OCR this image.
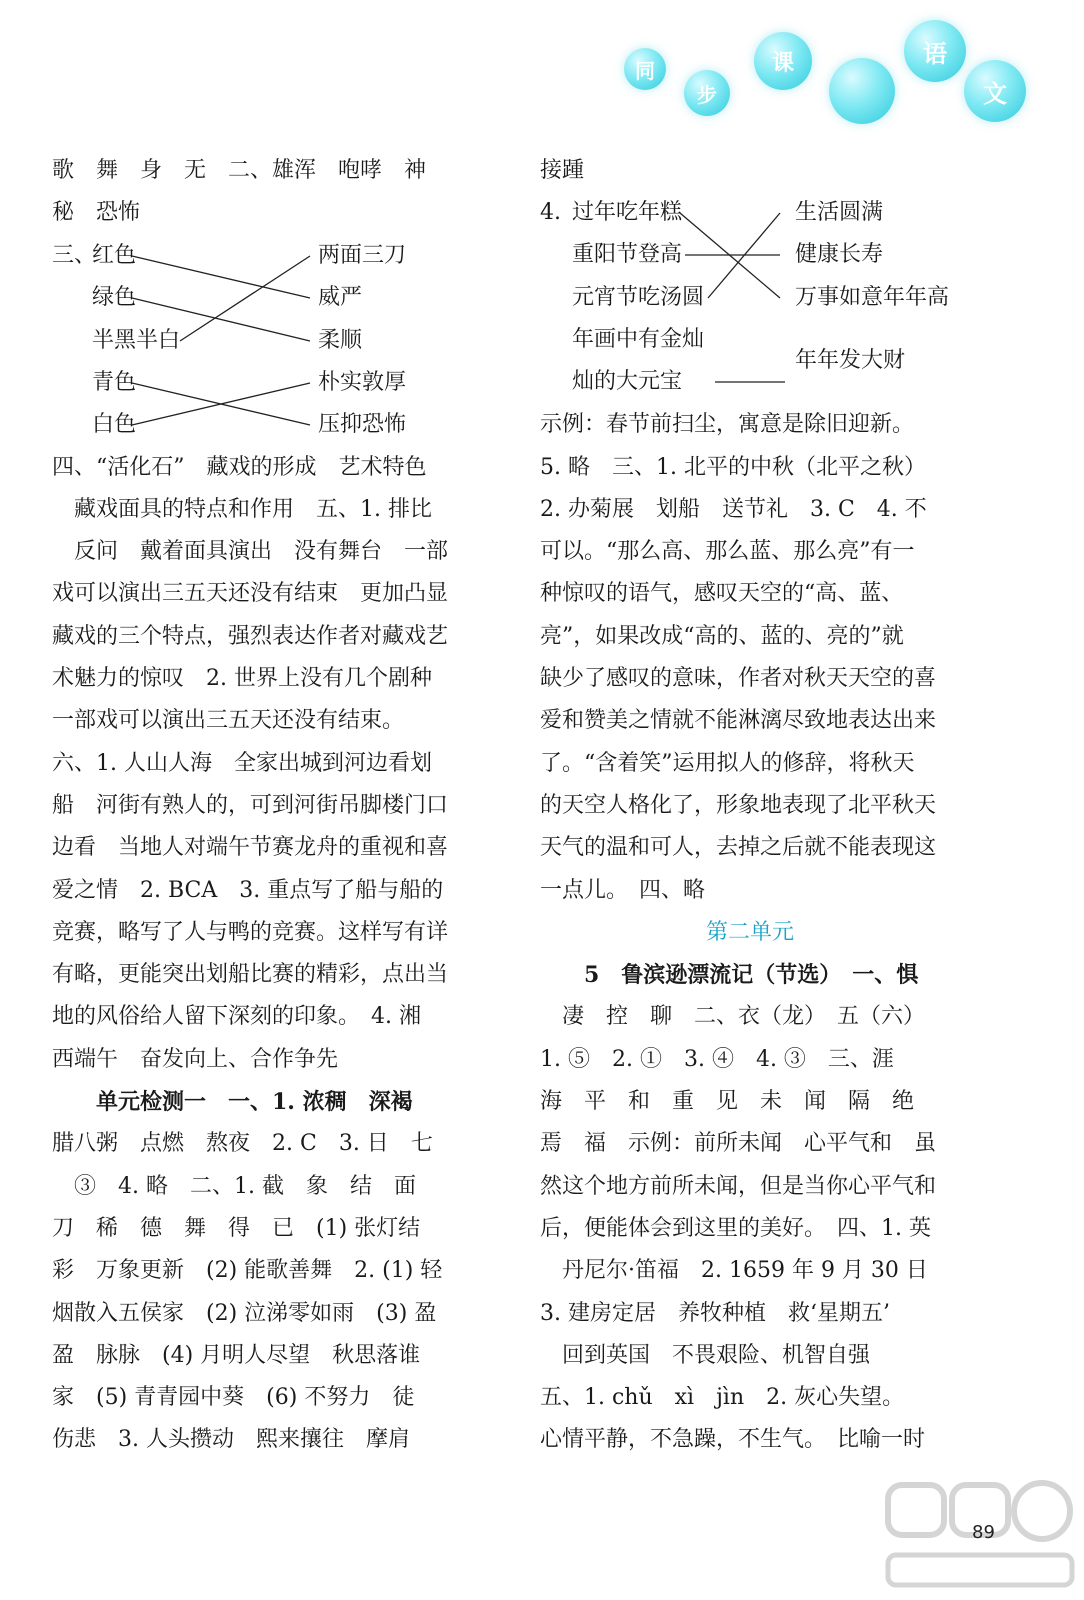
同
步
课	语
文
歌　舞　身　无　二、雄浑　咆哮　神
秘　恐怖
三、
红色
绿色
半黑半白
青色
白色
两面三刀
威严
柔顺
朴实敦厚
压抑恐怖
四、“活化石”　藏戏的形成　艺术特色
　藏戏面具的特点和作用　五、1. 排比
　反问　戴着面具演出　没有舞台　一部
戏可以演出三五天还没有结束　更加凸显
藏戏的三个特点，强烈表达作者对藏戏艺
术魅力的惊叹　2. 世界上没有几个剧种
一部戏可以演出三五天还没有结束。
六、1. 人山人海　全家出城到河边看划
船　河街有熟人的，可到河街吊脚楼门口
边看　当地人对端午节赛龙舟的重视和喜
爱之情　2. BCA　3. 重点写了船与船的
竞赛，略写了人与鸭的竞赛。这样写有详
有略，更能突出划船比赛的精彩，点出当
地的风俗给人留下深刻的印象。　4. 湘
西端午　奋发向上、合作争先
　　单元检测一　一、1. 浓稠　深褐
腊八粥　点燃　熬夜　2. C　3. 日　七
　③　4. 略　二、1. 截　象　结　面
刀　稀　德　舞　得　已　(1) 张灯结
彩　万象更新　(2) 能歌善舞　2. (1) 轻
烟散入五侯家　(2) 泣涕零如雨　(3) 盈
盈　脉脉　(4) 月明人尽望　秋思落谁
家　(5) 青青园中葵　(6) 不努力　徒
伤悲　3. 人头攒动　熙来攘往　摩肩
接踵
4. 过年吃年糕
重阳节登高
元宵节吃汤圆
年画中有金灿
灿的大元宝
生活圆满
健康长寿
万事如意年年高
年年发大财
示例：春节前扫尘，寓意是除旧迎新。
5. 略　三、1. 北平的中秋（北平之秋）
2. 办菊展　划船　送节礼　3. C　4. 不
可以。“那么高、那么蓝、那么亮”有一
种惊叹的语气，感叹天空的“高、蓝、
亮”，如果改成“高的、蓝的、亮的”就
缺少了感叹的意味，作者对秋天天空的喜
爱和赞美之情就不能淋漓尽致地表达出来
了。“含着笑”运用拟人的修辞，将秋天
的天空人格化了，形象地表现了北平秋天
天气的温和可人，去掉之后就不能表现这
一点儿。　四、略
第二单元
　　5　鲁滨逊漂流记（节选）　一、惧
　凄　控　聊　二、衣（龙）　五（六）
1. ⑤　2. ①　3. ④　4. ③　三、涯
海　平　和　重　见　未　闻　隔　绝
焉　福　示例：前所未闻　心平气和　虽
然这个地方前所未闻，但是当你心平气和
后，便能体会到这里的美好。　四、1. 英
　丹尼尔·笛福　2. 1659 年 9 月 30 日
3. 建房定居　养牧种植　救‘星期五’
　回到英国　不畏艰险、机智自强
五、1. chǔ　xì　jìn　2. 灰心失望。
心情平静，不急躁，不生气。　比喻一时
89
